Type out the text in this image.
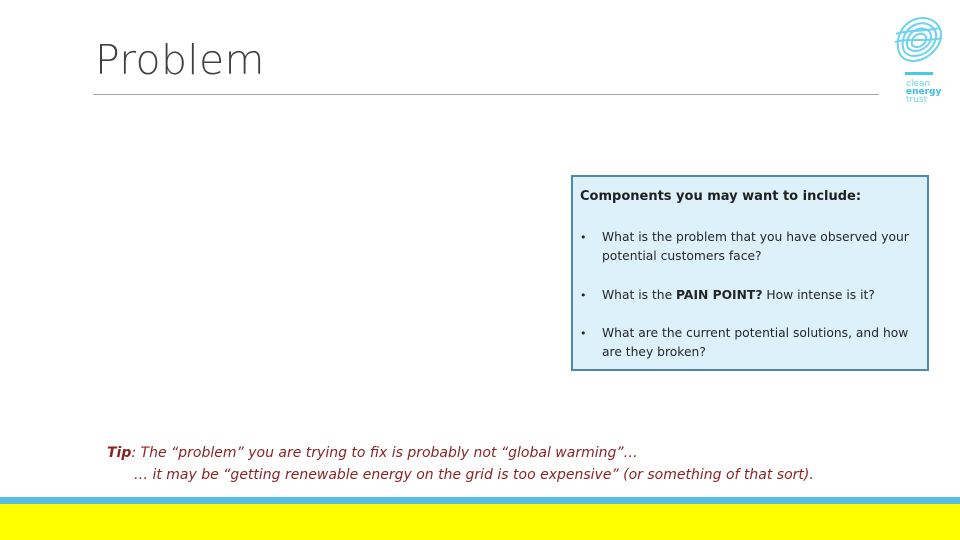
Problem	clean
energy
trust
Components you may want to include:
• What is the problem that you have observed your potential customers face?
• What is the PAIN POINT? How intense is it?
• What are the current potential solutions, and how are they broken?
Tip: The “problem” you are trying to fix is probably not “global warming”…
… it may be “getting renewable energy on the grid is too expensive” (or something of that sort).
